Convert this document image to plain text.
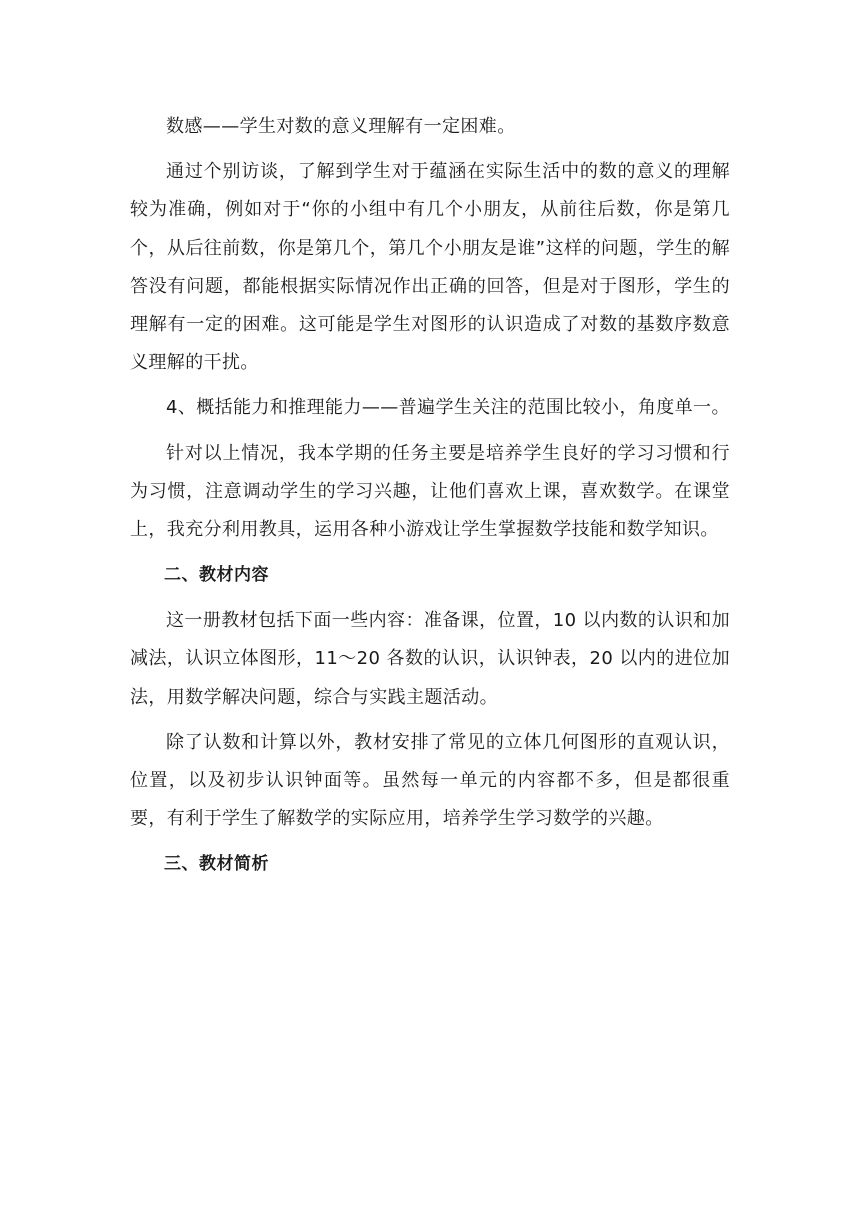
数感——学生对数的意义理解有一定困难。

通过个别访谈，了解到学生对于蕴涵在实际生活中的数的意义的理解较为准确，例如对于“你的小组中有几个小朋友，从前往后数，你是第几个，从后往前数，你是第几个，第几个小朋友是谁”这样的问题，学生的解答没有问题，都能根据实际情况作出正确的回答，但是对于图形，学生的理解有一定的困难。这可能是学生对图形的认识造成了对数的基数序数意义理解的干扰。

4、概括能力和推理能力——普遍学生关注的范围比较小，角度单一。

针对以上情况，我本学期的任务主要是培养学生良好的学习习惯和行为习惯，注意调动学生的学习兴趣，让他们喜欢上课，喜欢数学。在课堂上，我充分利用教具，运用各种小游戏让学生掌握数学技能和数学知识。

二、教材内容

这一册教材包括下面一些内容：准备课，位置，10 以内数的认识和加减法，认识立体图形，11～20 各数的认识，认识钟表，20 以内的进位加法，用数学解决问题，综合与实践主题活动。

除了认数和计算以外，教材安排了常见的立体几何图形的直观认识，位置，以及初步认识钟面等。虽然每一单元的内容都不多，但是都很重要，有利于学生了解数学的实际应用，培养学生学习数学的兴趣。

三、教材简析
